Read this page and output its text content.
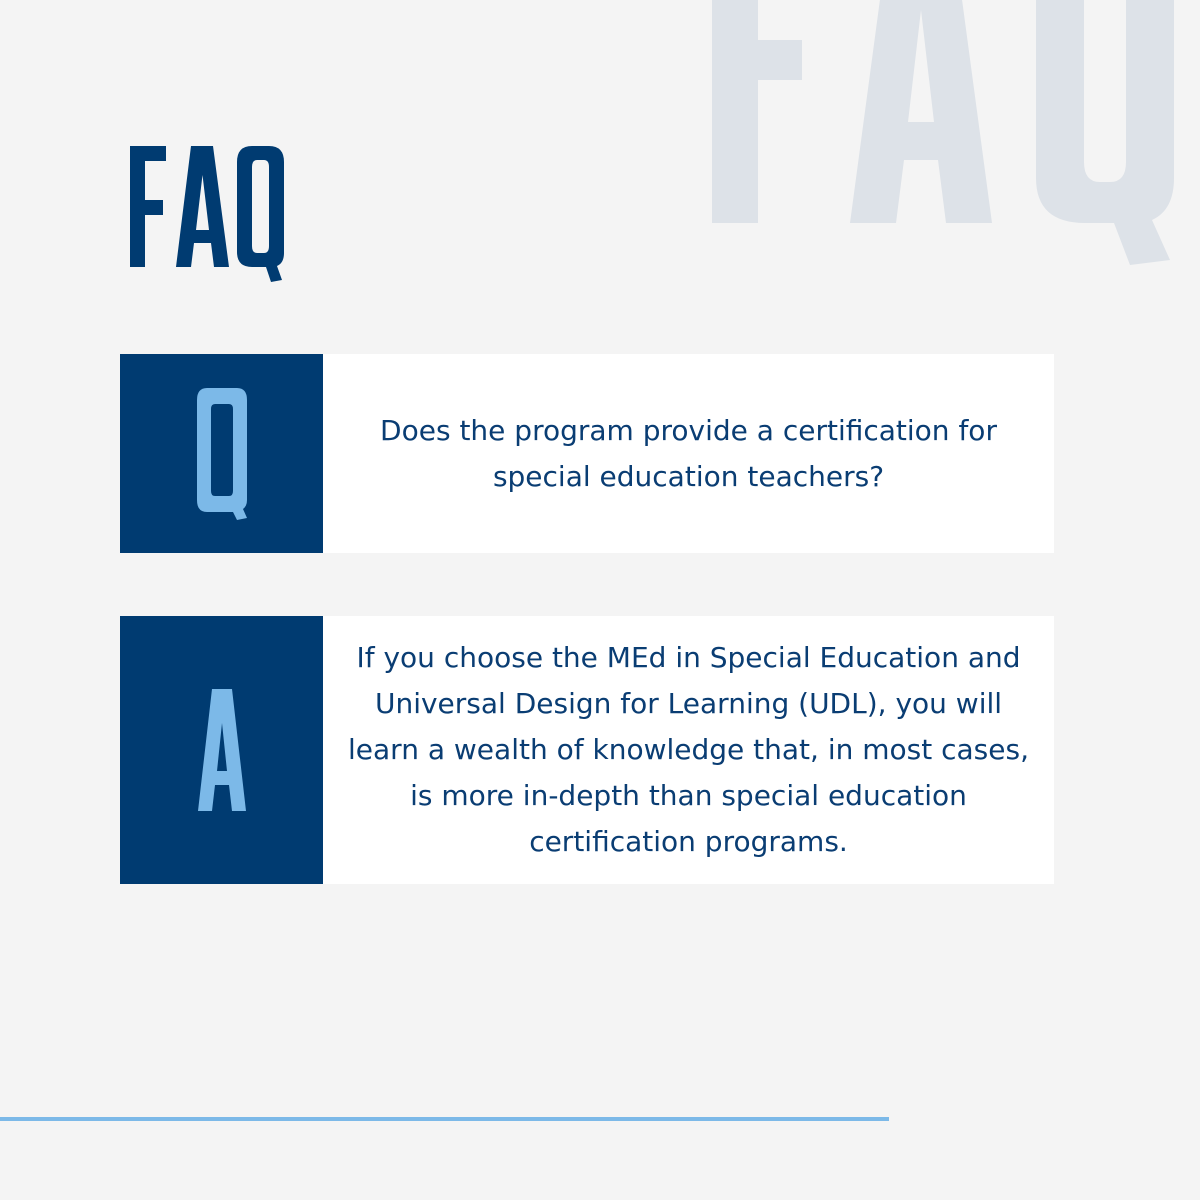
Does the program provide a certification for
special education teachers?
If you choose the MEd in Special Education and
Universal Design for Learning (UDL), you will
learn a wealth of knowledge that, in most cases,
is more in-depth than special education
certification programs.
